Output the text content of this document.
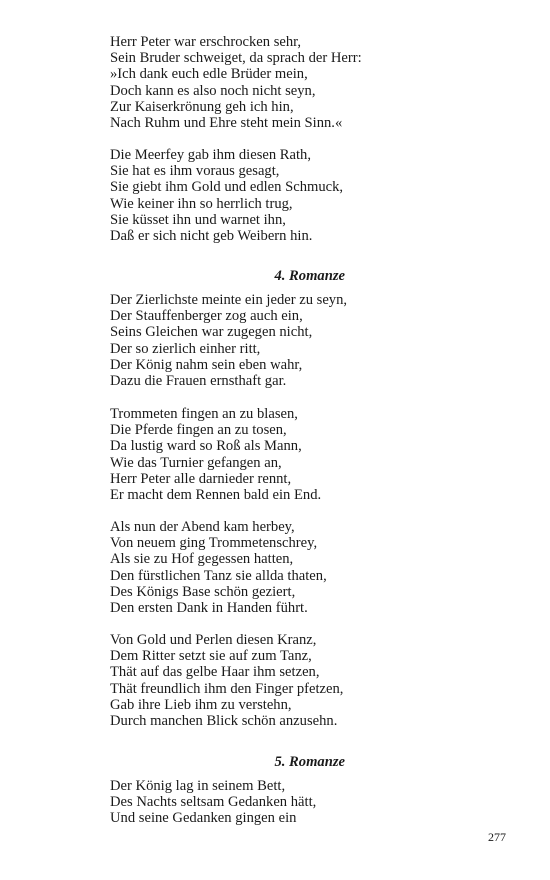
Herr Peter war erschrocken sehr,
Sein Bruder schweiget, da sprach der Herr:
»Ich dank euch edle Brüder mein,
Doch kann es also noch nicht seyn,
Zur Kaiserkrönung geh ich hin,
Nach Ruhm und Ehre steht mein Sinn.«
Die Meerfey gab ihm diesen Rath,
Sie hat es ihm voraus gesagt,
Sie giebt ihm Gold und edlen Schmuck,
Wie keiner ihn so herrlich trug,
Sie küsset ihn und warnet ihn,
Daß er sich nicht geb Weibern hin.
4. Romanze
Der Zierlichste meinte ein jeder zu seyn,
Der Stauffenberger zog auch ein,
Seins Gleichen war zugegen nicht,
Der so zierlich einher ritt,
Der König nahm sein eben wahr,
Dazu die Frauen ernsthaft gar.
Trommeten fingen an zu blasen,
Die Pferde fingen an zu tosen,
Da lustig ward so Roß als Mann,
Wie das Turnier gefangen an,
Herr Peter alle darnieder rennt,
Er macht dem Rennen bald ein End.
Als nun der Abend kam herbey,
Von neuem ging Trommetenschrey,
Als sie zu Hof gegessen hatten,
Den fürstlichen Tanz sie allda thaten,
Des Königs Base schön geziert,
Den ersten Dank in Handen führt.
Von Gold und Perlen diesen Kranz,
Dem Ritter setzt sie auf zum Tanz,
Thät auf das gelbe Haar ihm setzen,
Thät freundlich ihm den Finger pfetzen,
Gab ihre Lieb ihm zu verstehn,
Durch manchen Blick schön anzusehn.
5. Romanze
Der König lag in seinem Bett,
Des Nachts seltsam Gedanken hätt,
Und seine Gedanken gingen ein
277
